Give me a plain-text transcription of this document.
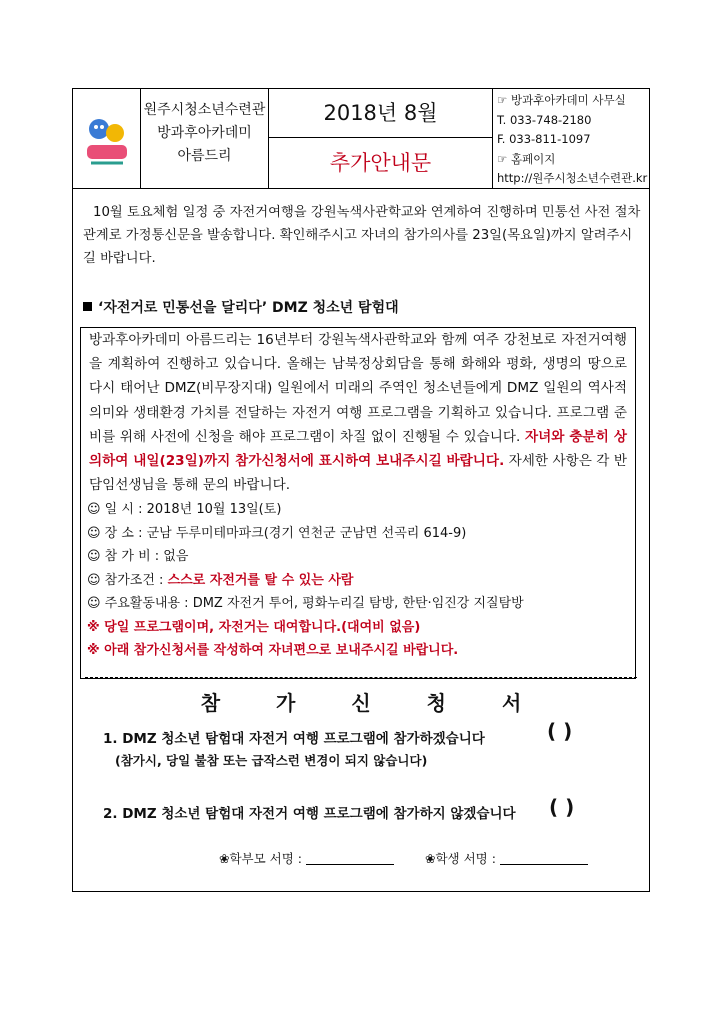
원주시청소년수련관
방과후아카데미
아름드리
2018년 8월
추가안내문
☞ 방과후아카데미 사무실
T. 033-748-2180
F. 033-811-1097
☞ 홈페이지
http://원주시청소년수련관.kr
10월 토요체험 일정 중 자전거여행을 강원녹색사관학교와 연계하여 진행하며 민통선 사전 절차관계로 가정통신문을 발송합니다. 확인해주시고 자녀의 참가의사를 23일(목요일)까지 알려주시길 바랍니다.
‘자전거로 민통선을 달리다’ DMZ 청소년 탐험대
방과후아카데미 아름드리는 16년부터 강원녹색사관학교와 함께 여주 강천보로 자전거여행을 계획하여 진행하고 있습니다. 올해는 남북정상회담을 통해 화해와 평화, 생명의 땅으로 다시 태어난 DMZ(비무장지대) 일원에서 미래의 주역인 청소년들에게 DMZ 일원의 역사적 의미와 생태환경 가치를 전달하는 자전거 여행 프로그램을 기획하고 있습니다. 프로그램 준비를 위해 사전에 신청을 해야 프로그램이 차질 없이 진행될 수 있습니다. 자녀와 충분히 상의하여 내일(23일)까지 참가신청서에 표시하여 보내주시길 바랍니다. 자세한 사항은 각 반 담임선생님을 통해 문의 바랍니다.
☺ 일 시 : 2018년 10월 13일(토)
☺ 장 소 : 군남 두루미테마파크(경기 연천군 군남면 선곡리 614-9)
☺ 참 가 비 : 없음
☺ 참가조건 : 스스로 자전거를 탈 수 있는 사람
☺ 주요활동내용 : DMZ 자전거 투어, 평화누리길 탐방, 한탄·임진강 지질탐방
※ 당일 프로그램이며, 자전거는 대여합니다.(대여비 없음)
※ 아래 참가신청서를 작성하여 자녀편으로 보내주시길 바랍니다.
참가신청서
1. DMZ 청소년 탐험대 자전거 여행 프로그램에 참가하겠습니다	( )
(참가시, 당일 불참 또는 급작스런 변경이 되지 않습니다)
2. DMZ 청소년 탐험대 자전거 여행 프로그램에 참가하지 않겠습니다 ( )
❀학부모 서명 :	❀학생 서명 :
